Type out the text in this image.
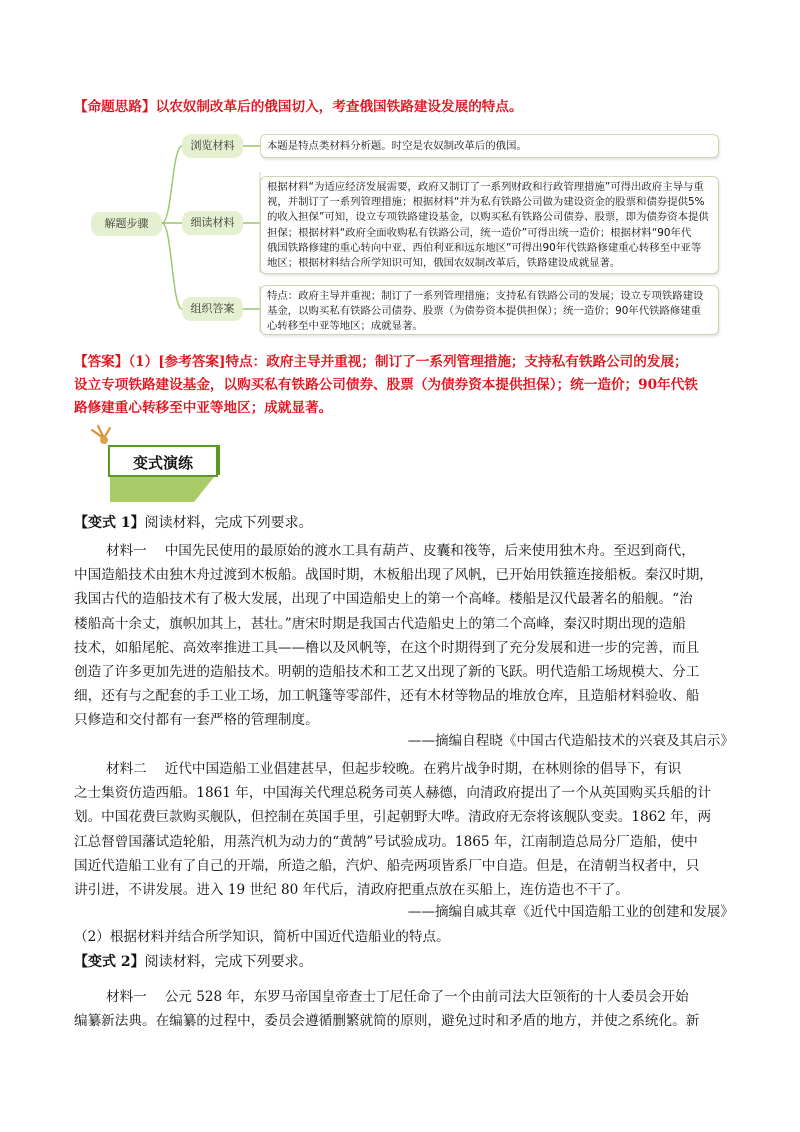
【命题思路】以农奴制改革后的俄国切入，考查俄国铁路建设发展的特点。
解题步骤
浏览材料
细读材料
组织答案
本题是特点类材料分析题。时空是农奴制改革后的俄国。
根据材料“为适应经济发展需要，政府又制订了一系列财政和行政管理措施”可得出政府主导与重
视，并制订了一系列管理措施；根据材料“并为私有铁路公司做为建设资金的股票和债券提供5%
的收入担保”可知，设立专项铁路建设基金，以购买私有铁路公司债券、股票，即为债券资本提供
担保；根据材料“政府全面收购私有铁路公司，统一造价”可得出统一造价；根据材料“90年代
俄国铁路修建的重心转向中亚、西伯利亚和远东地区”可得出90年代铁路修建重心转移至中亚等
地区；根据材料结合所学知识可知，俄国农奴制改革后，铁路建设成就显著。
特点：政府主导并重视；制订了一系列管理措施；支持私有铁路公司的发展；设立专项铁路建设
基金，以购买私有铁路公司债券、股票（为债券资本提供担保）；统一造价；90年代铁路修建重
心转移至中亚等地区；成就显著。
【答案】（1）[参考答案]特点：政府主导并重视；制订了一系列管理措施；支持私有铁路公司的发展；
设立专项铁路建设基金，以购买私有铁路公司债券、股票（为债券资本提供担保）；统一造价；90年代铁
路修建重心转移至中亚等地区；成就显著。
变式演练
【变式 1】阅读材料，完成下列要求。
材料一　 中国先民使用的最原始的渡水工具有葫芦、皮囊和筏等，后来使用独木舟。至迟到商代，
中国造船技术由独木舟过渡到木板船。战国时期，木板船出现了风帆，已开始用铁箍连接船板。秦汉时期，
我国古代的造船技术有了极大发展，出现了中国造船史上的第一个高峰。楼船是汉代最著名的船舰。“治
楼船高十余丈，旗帜加其上，甚壮。”唐宋时期是我国古代造船史上的第二个高峰，秦汉时期出现的造船
技术，如船尾舵、高效率推进工具——橹以及风帆等，在这个时期得到了充分发展和进一步的完善，而且
创造了许多更加先进的造船技术。明朝的造船技术和工艺又出现了新的飞跃。明代造船工场规模大、分工
细，还有与之配套的手工业工场，加工帆篷等零部件，还有木材等物品的堆放仓库，且造船材料验收、船
只修造和交付都有一套严格的管理制度。
——摘编自程晓《中国古代造船技术的兴衰及其启示》
材料二　 近代中国造船工业倡建甚早，但起步较晚。在鸦片战争时期，在林则徐的倡导下，有识
之士集资仿造西船。1861 年，中国海关代理总税务司英人赫德，向清政府提出了一个从英国购买兵船的计
划。中国花费巨款购买舰队，但控制在英国手里，引起朝野大哗。清政府无奈将该舰队变卖。1862 年，两
江总督曾国藩试造轮船，用蒸汽机为动力的“黄鹄”号试验成功。1865 年，江南制造总局分厂造船，使中
国近代造船工业有了自己的开端，所造之船，汽炉、船壳两项皆系厂中自造。但是，在清朝当权者中，只
讲引进，不讲发展。进入 19 世纪 80 年代后，清政府把重点放在买船上，连仿造也不干了。
——摘编自戚其章《近代中国造船工业的创建和发展》
（2）根据材料并结合所学知识，简析中国近代造船业的特点。
【变式 2】阅读材料，完成下列要求。
材料一　 公元 528 年，东罗马帝国皇帝查士丁尼任命了一个由前司法大臣领衔的十人委员会开始
编纂新法典。在编纂的过程中，委员会遵循删繁就简的原则，避免过时和矛盾的地方，并使之系统化。新
